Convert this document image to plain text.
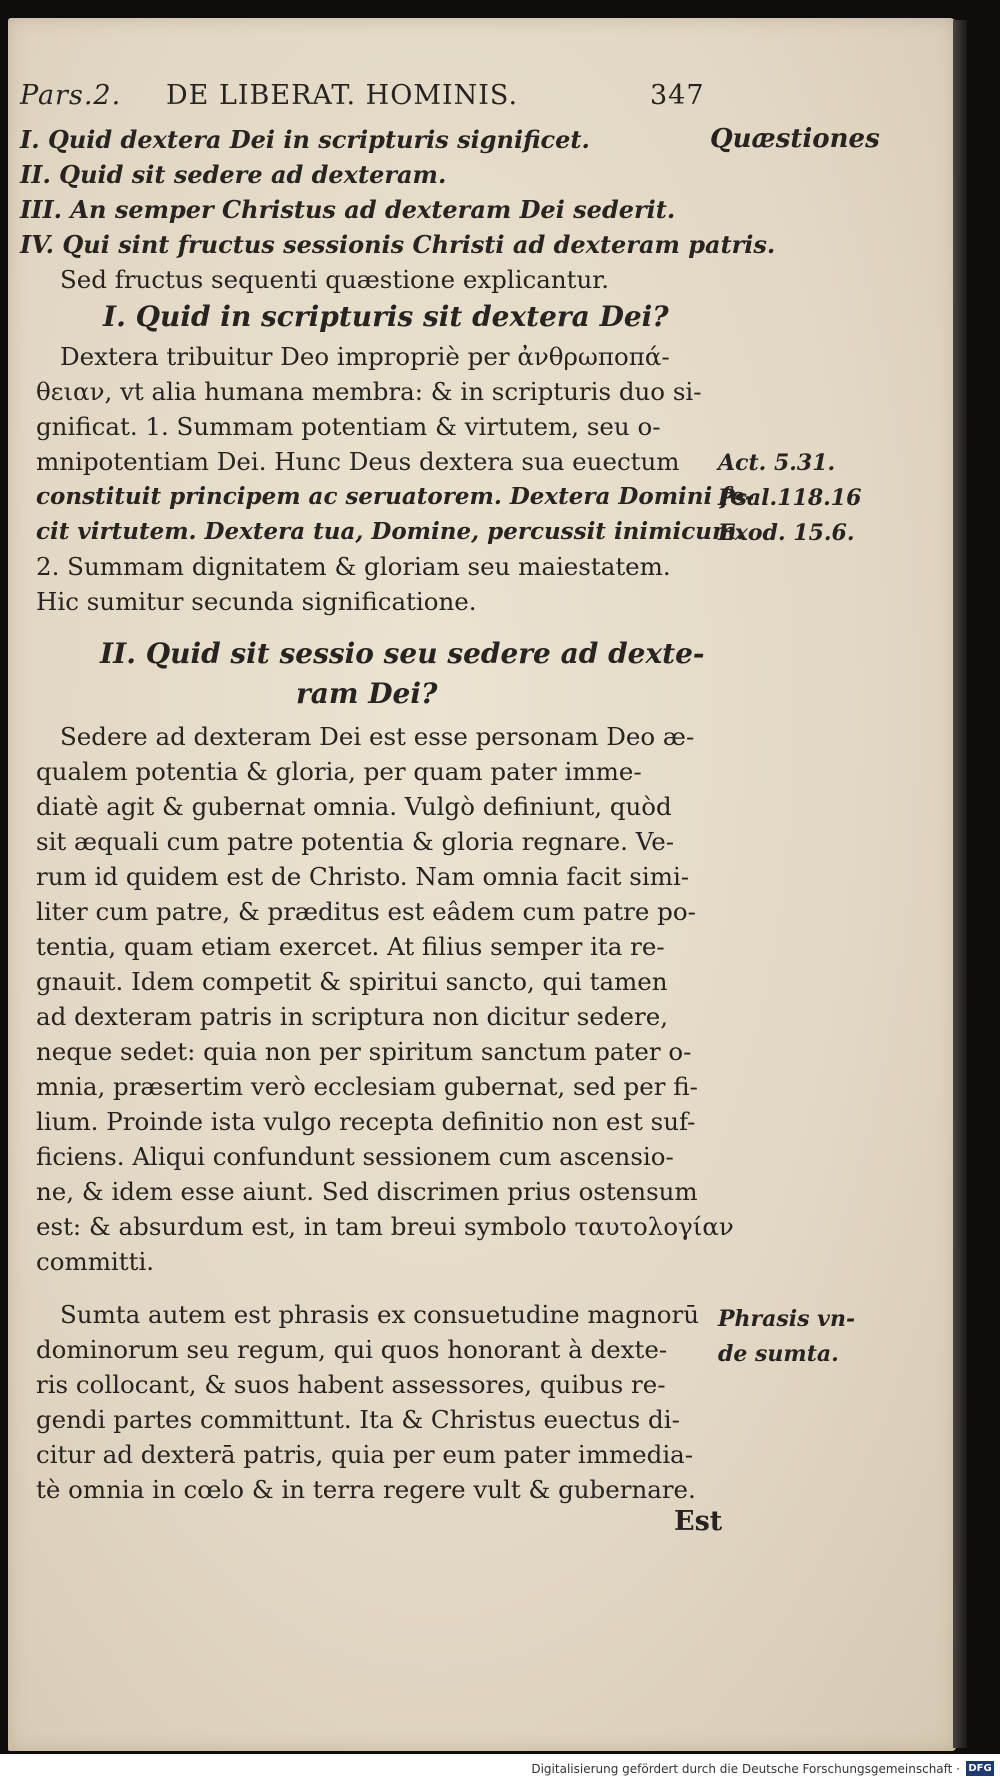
Pars.2. DE LIBERAT. HOMINIS.	347
Quæstiones
I. Quid dextera Dei in scripturis significet.
II. Quid sit sedere ad dexteram.
III. An semper Christus ad dexteram Dei sederit.
IV. Qui sint fructus sessionis Christi ad dexteram patris.
Sed fructus sequenti quæstione explicantur.
I. Quid in scripturis sit dextera Dei?
Dextera tribuitur Deo impropriè per ἀνθρωποπά-
θειαν, vt alia humana membra: & in scripturis duo si-
gnificat. 1. Summam potentiam & virtutem, seu o-
mnipotentiam Dei. Hunc Deus dextera sua euectum
constituit principem ac seruatorem. Dextera Domini fe-
cit virtutem. Dextera tua, Domine, percussit inimicum.
2. Summam dignitatem & gloriam seu maiestatem.
Hic sumitur secunda significatione.
Act. 5.31.
Psal.118.16
Exod. 15.6.
II. Quid sit sessio seu sedere ad dexte-
ram Dei?
Sedere ad dexteram Dei est esse personam Deo æ-
qualem potentia & gloria, per quam pater imme-
diatè agit & gubernat omnia. Vulgò definiunt, quòd
sit æquali cum patre potentia & gloria regnare. Ve-
rum id quidem est de Christo. Nam omnia facit simi-
liter cum patre, & præditus est eâdem cum patre po-
tentia, quam etiam exercet. At filius semper ita re-
gnauit. Idem competit & spiritui sancto, qui tamen
ad dexteram patris in scriptura non dicitur sedere,
neque sedet: quia non per spiritum sanctum pater o-
mnia, præsertim verò ecclesiam gubernat, sed per fi-
lium. Proinde ista vulgo recepta definitio non est suf-
ficiens. Aliqui confundunt sessionem cum ascensio-
ne, & idem esse aiunt. Sed discrimen prius ostensum
est: & absurdum est, in tam breui symbolo ταυτολογίαν
committi.
Sumta autem est phrasis ex consuetudine magnorū
dominorum seu regum, qui quos honorant à dexte-
ris collocant, & suos habent assessores, quibus re-
gendi partes committunt. Ita & Christus euectus di-
citur ad dexterā patris, quia per eum pater immedia-
tè omnia in cœlo & in terra regere vult & gubernare.
Phrasis vn-
de sumta.
Est
Digitalisierung gefördert durch die Deutsche Forschungsgemeinschaft · DFG
